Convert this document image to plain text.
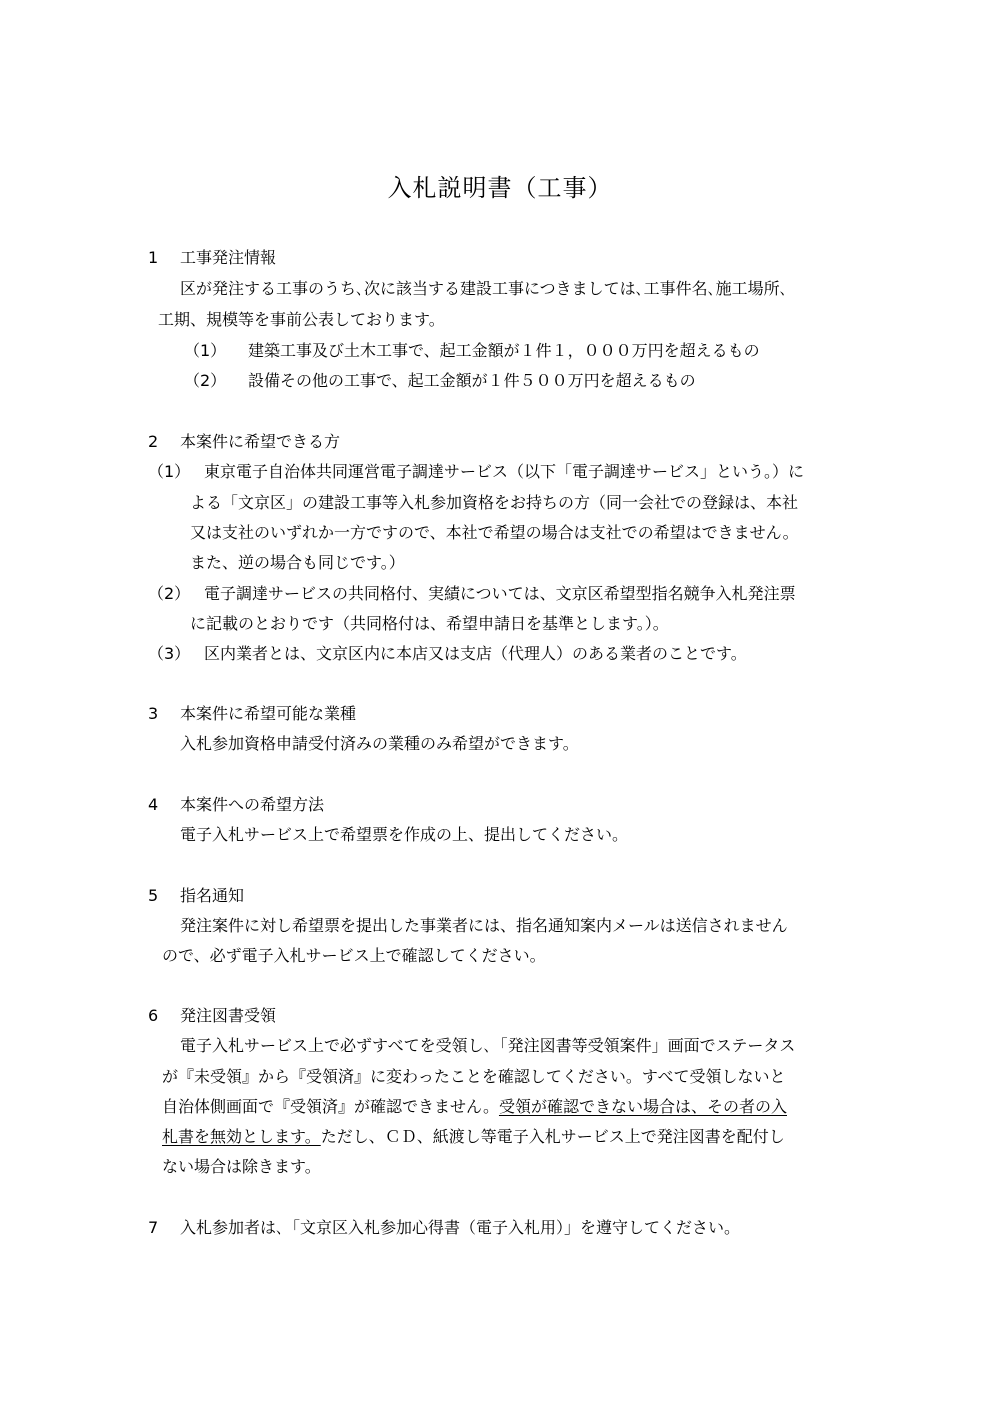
入札説明書（工事）
1 工事発注情報
区が発注する工事のうち､次に該当する建設工事につきましては､工事件名､施工場所､
工期、規模等を事前公表しております。
（1） 建築工事及び土木工事で、起工金額が１件１，０００万円を超えるもの
（2） 設備その他の工事で、起工金額が１件５００万円を超えるもの
2 本案件に希望できる方
（1） 東京電子自治体共同運営電子調達サービス（以下「電子調達サービス」という。）に
よる「文京区」の建設工事等入札参加資格をお持ちの方（同一会社での登録は、本社
又は支社のいずれか一方ですので、本社で希望の場合は支社での希望はできません。
また、逆の場合も同じです。）
（2） 電子調達サービスの共同格付、実績については、文京区希望型指名競争入札発注票
に記載のとおりです（共同格付は、希望申請日を基準とします。）。
（3） 区内業者とは、文京区内に本店又は支店（代理人）のある業者のことです。
3 本案件に希望可能な業種
入札参加資格申請受付済みの業種のみ希望ができます。
4 本案件への希望方法
電子入札サービス上で希望票を作成の上、提出してください。
5 指名通知
発注案件に対し希望票を提出した事業者には、指名通知案内メールは送信されません
ので、必ず電子入札サービス上で確認してください。
6 発注図書受領
電子入札サービス上で必ずすべてを受領し､「発注図書等受領案件」画面でステータス
が『未受領』から『受領済』に変わったことを確認してください。すべて受領しないと
自治体側画面で『受領済』が確認できません。受領が確認できない場合は、その者の入
札書を無効とします。ただし、ＣＤ、紙渡し等電子入札サービス上で発注図書を配付し
ない場合は除きます。
7 入札参加者は､「文京区入札参加心得書（電子入札用）」を遵守してください。
